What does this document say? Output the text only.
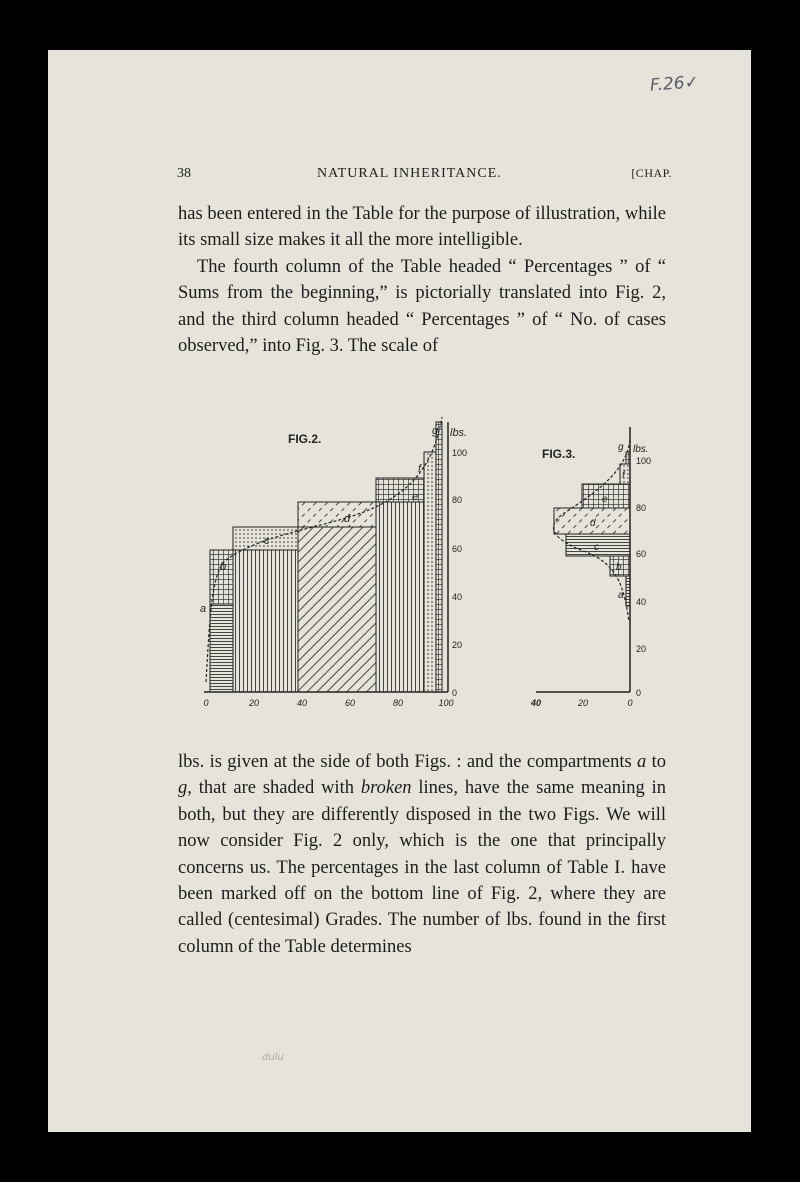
F.26✓
38	NATURAL INHERITANCE.	[CHAP.

has been entered in the Table for the purpose of illustration, while its small size makes it all the more intelligible.

The fourth column of the Table headed “ Percentages ” of “ Sums from the beginning,” is pictorially translated into Fig. 2, and the third column headed “ Percentages ” of “ No. of cases observed,” into Fig. 3. The scale of

FIG.2.	lbs.
100
80
60
40
20
0
0	20	40	60	80	100
a
b
c
d
e
f
g
FIG.3.	lbs.
100
80
60
40
20
0
40	20	0
g
f
e
d
c
b
a

lbs. is given at the side of both Figs. : and the compartments a to g, that are shaded with broken lines, have the same meaning in both, but they are differently disposed in the two Figs. We will now consider Fig. 2 only, which is the one that principally concerns us. The percentages in the last column of Table I. have been marked off on the bottom line of Fig. 2, where they are called (centesimal) Grades. The number of lbs. found in the first column of the Table determines

dulu
